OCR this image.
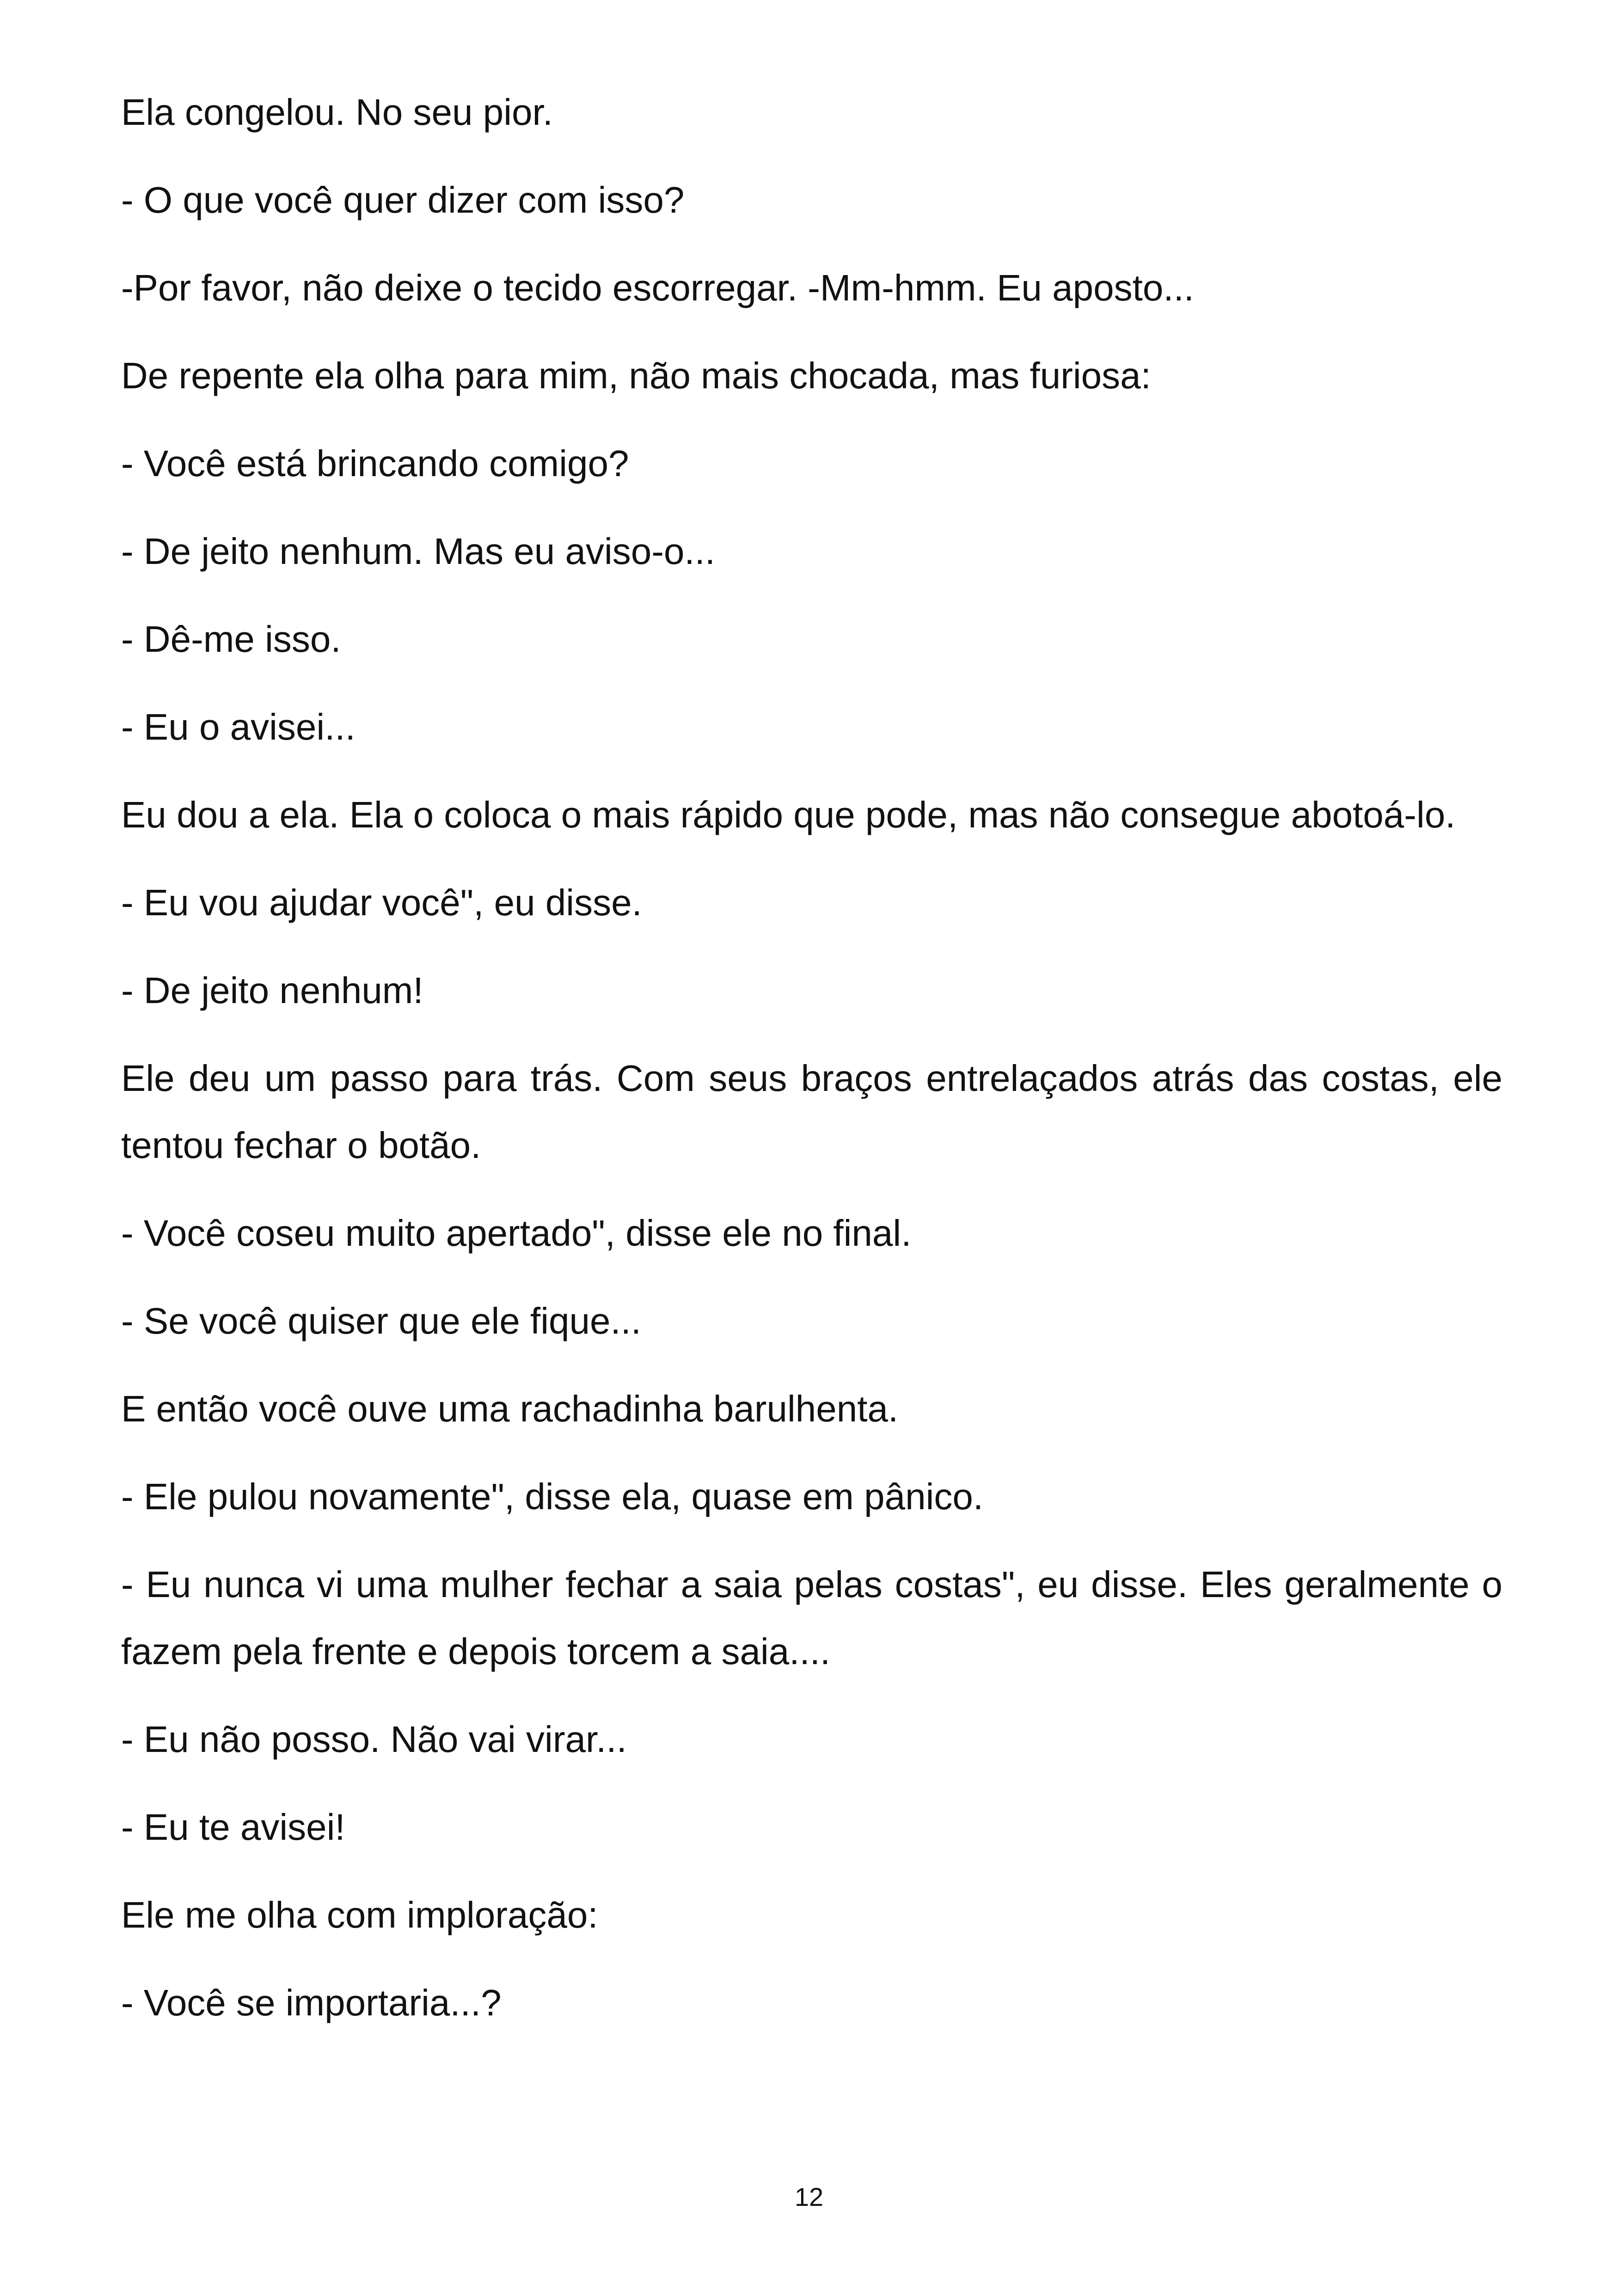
Ela congelou. No seu pior.

- O que você quer dizer com isso?

-Por favor, não deixe o tecido escorregar. -Mm-hmm. Eu aposto...

De repente ela olha para mim, não mais chocada, mas furiosa:

- Você está brincando comigo?

- De jeito nenhum. Mas eu aviso-o...

- Dê-me isso.

- Eu o avisei...

Eu dou a ela. Ela o coloca o mais rápido que pode, mas não consegue abotoá-lo.

- Eu vou ajudar você", eu disse.

- De jeito nenhum!

Ele deu um passo para trás. Com seus braços entrelaçados atrás das costas, ele tentou fechar o botão.

- Você coseu muito apertado", disse ele no final.

- Se você quiser que ele fique...

E então você ouve uma rachadinha barulhenta.

- Ele pulou novamente", disse ela, quase em pânico.

- Eu nunca vi uma mulher fechar a saia pelas costas", eu disse. Eles geralmente o fazem pela frente e depois torcem a saia....

- Eu não posso. Não vai virar...

- Eu te avisei!

Ele me olha com imploração:

- Você se importaria...?

12
